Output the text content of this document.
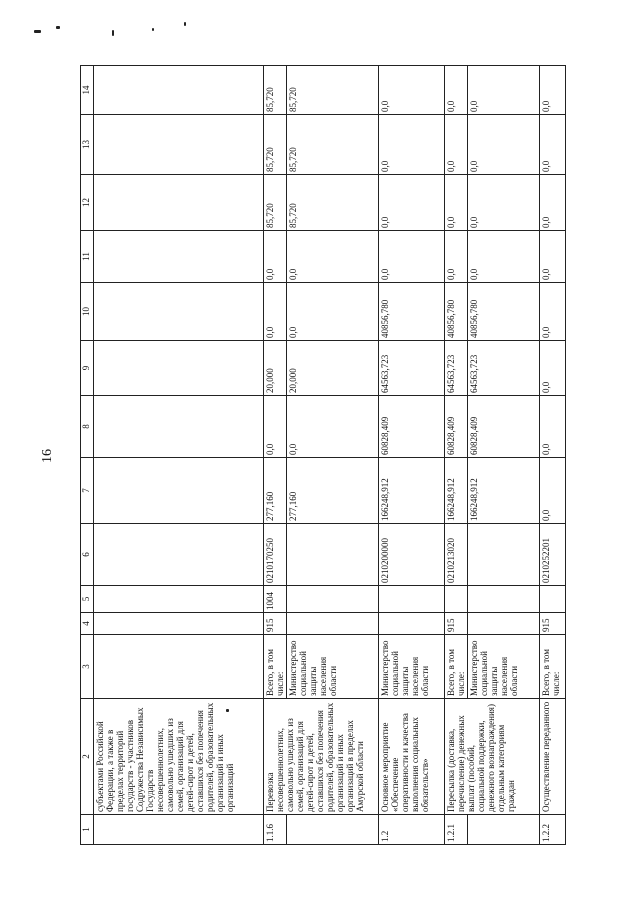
16
1	2	3	4	5	6	7	8	9	10	11	12	13	14
	субъектами Российской Федерации, а также в пределах территорий государств - участников Содружества Независимых Государств несовершеннолетних, самовольно ушедших из семей, организаций для детей-сирот и детей, оставшихся без попечения родителей, образовательных организаций и иных организаций												
1.1.6	Перевозка несовершеннолетних, самовольно ушедших из семей, организаций для детей-сирот и детей, оставшихся без попечения родителей, образовательных организаций и иных организаций в пределах Амурской области	Всего, в том числе:	915	1004	0210170250	277,160	0,0	20,000	0,0	0,0	85,720	85,720	85,720
		Министерство социальной защиты населения области				277,160	0,0	20,000	0,0	0,0	85,720	85,720	85,720
1.2	Основное мероприятие «Обеспечение оперативности и качества выполнения социальных обязательств»	Министерство социальной защиты населения области			0210200000	166248,912	60828,409	64563,723	40856,780	0,0	0,0	0,0	0,0
1.2.1	Пересылка (доставка, перечисление) денежных выплат (пособий, социальной поддержки, денежного вознаграждения) отдельным категориям граждан	Всего, в том числе:	915		0210213020	166248,912	60828,409	64563,723	40856,780	0,0	0,0	0,0	0,0
		Министерство социальной защиты населения области				166248,912	60828,409	64563,723	40856,780	0,0	0,0	0,0	0,0
1.2.2	Осуществление переданного	Всего, в том числе:	915		0210252201	0,0	0,0	0,0	0,0	0,0	0,0	0,0	0,0
